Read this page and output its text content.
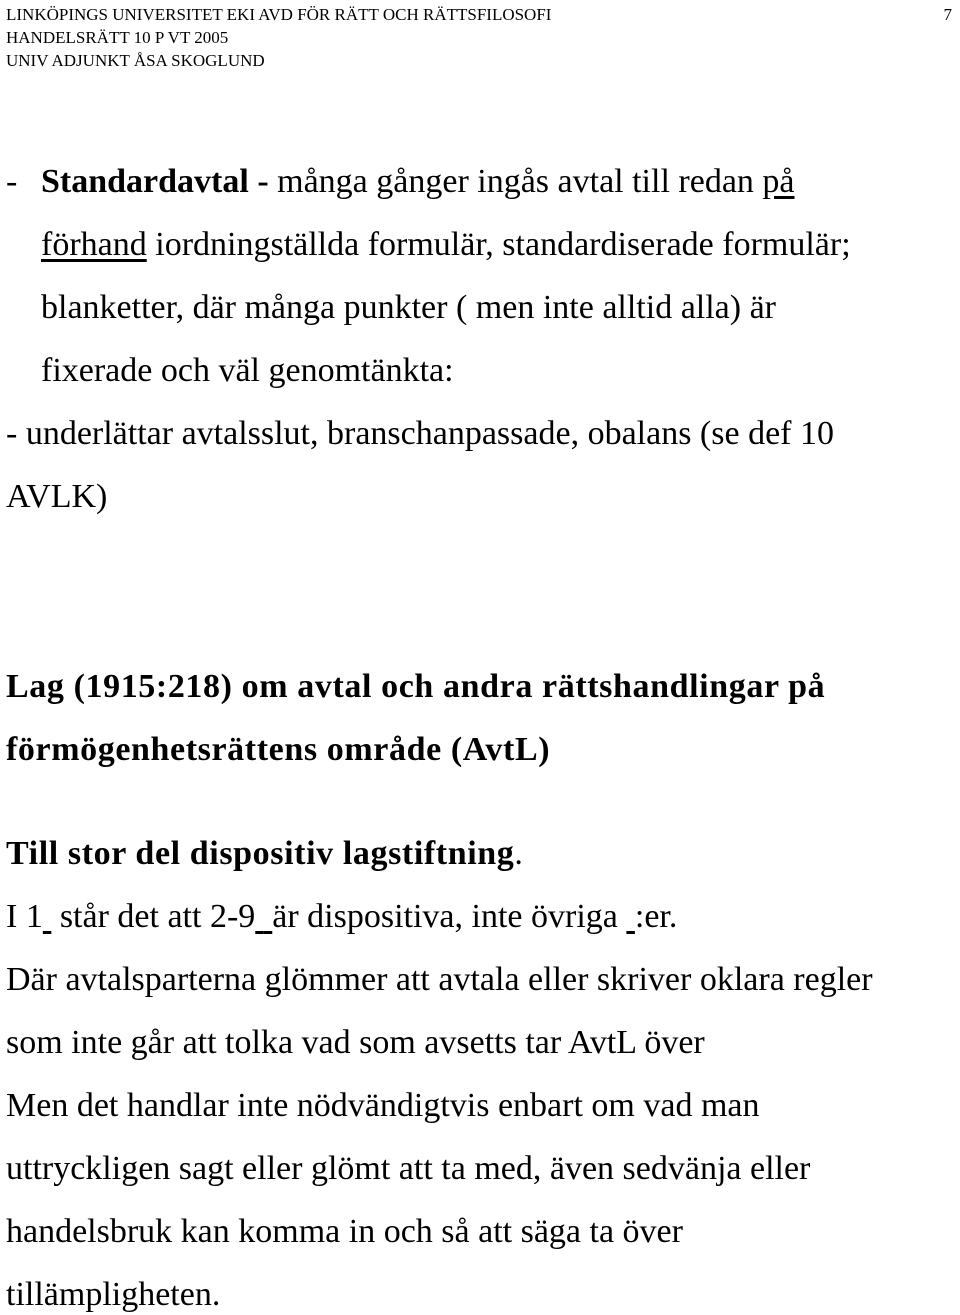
LINKÖPINGS UNIVERSITET EKI AVD FÖR RÄTT OCH RÄTTSFILOSOFI
HANDELSRÄTT 10 P VT 2005
UNIV ADJUNKT ÅSA SKOGLUND
7
- Standardavtal - många gånger ingås avtal till redan på
förhand iordningställda formulär, standardiserade formulär;
blanketter, där många punkter ( men inte alltid alla) är
fixerade och väl genomtänkta:
- underlättar avtalsslut, branschanpassade, obalans (se def 10
AVLK)
Lag (1915:218) om avtal och andra rättshandlingar på
förmögenhetsrättens område (AvtL)
Till stor del dispositiv lagstiftning.
I 1  står det att 2-9  är dispositiva, inte övriga  :er.
Där avtalsparterna glömmer att avtala eller skriver oklara regler
som inte går att tolka vad som avsetts tar AvtL över
Men det handlar inte nödvändigtvis enbart om vad man
uttryckligen sagt eller glömt att ta med, även sedvänja eller
handelsbruk kan komma in och så att säga ta över
tillämpligheten.
